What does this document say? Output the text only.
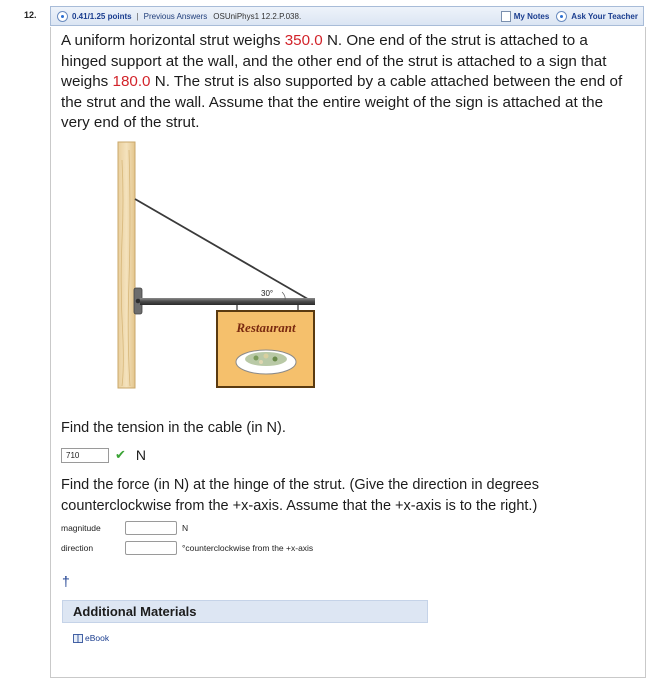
12.	0.41/1.25 points | Previous Answers OSUniPhys1 12.2.P.038.	My Notes	Ask Your Teacher
A uniform horizontal strut weighs 350.0 N. One end of the strut is attached to a hinged support at the wall, and the other end of the strut is attached to a sign that weighs 180.0 N. The strut is also supported by a cable attached between the end of the strut and the wall. Assume that the entire weight of the sign is attached at the very end of the strut.
30°
Restaurant
Find the tension in the cable (in N).
710
✔ N
Find the force (in N) at the hinge of the strut. (Give the direction in degrees counterclockwise from the +x-axis. Assume that the +x-axis is to the right.)
magnitude	N
direction	°counterclockwise from the +x-axis
†
Additional Materials
eBook
